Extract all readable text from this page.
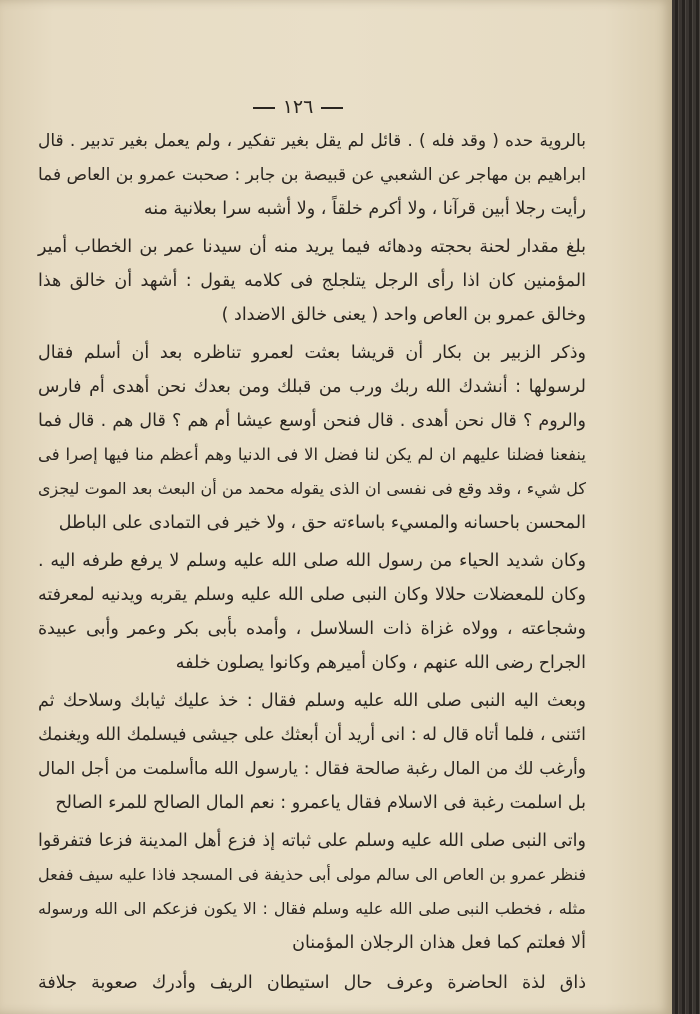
١٢٦
بالروية حده ( وقد فله ) . قائل لم يقل بغير تفكير ، ولم يعمل بغير تدبير . قال
ابراهيم بن مهاجر عن الشعبي عن قبيصة بن جابر : صحبت عمرو بن العاص فما
رأيت رجلا أبين قرآنا ، ولا أكرم خلقاً ، ولا أشبه سرا بعلانية منه
بلغ مقدار لحنة بحجته ودهائه فيما يريد منه أن سيدنا عمر بن الخطاب أمير
المؤمنين كان اذا رأى الرجل يتلجلج فى كلامه يقول : أشهد أن خالق هذا
وخالق عمرو بن العاص واحد ( يعنى خالق الاضداد )
وذكر الزبير بن بكار أن قريشا بعثت لعمرو تناظره بعد أن أسلم فقال
لرسولها : أنشدك الله ربك ورب من قبلك ومن بعدك نحن أهدى أم فارس
والروم ؟ قال نحن أهدى . قال فنحن أوسع عيشا أم هم ؟ قال هم . قال فما
ينفعنا فضلنا عليهم ان لم يكن لنا فضل الا فى الدنيا وهم أعظم منا فيها إصرا فى
كل شيء ، وقد وقع فى نفسى ان الذى يقوله محمد من أن البعث بعد الموت ليجزى
المحسن باحسانه والمسيء باساءته حق ، ولا خير فى التمادى على الباطل
وكان شديد الحياء من رسول الله صلى الله عليه وسلم لا يرفع طرفه اليه .
وكان للمعضلات حلالا وكان النبى صلى الله عليه وسلم يقربه ويدنيه لمعرفته
وشجاعته ، وولاه غزاة ذات السلاسل ، وأمده بأبى بكر وعمر وأبى عبيدة
الجراح رضى الله عنهم ، وكان أميرهم وكانوا يصلون خلفه
وبعث اليه النبى صلى الله عليه وسلم فقال : خذ عليك ثيابك وسلاحك ثم
ائتنى ، فلما أتاه قال له : انى أريد أن أبعثك على جيشى فيسلمك الله ويغنمك
وأرغب لك من المال رغبة صالحة فقال : يارسول الله ماأسلمت من أجل المال
بل اسلمت رغبة فى الاسلام فقال ياعمرو : نعم المال الصالح للمرء الصالح
واتى النبى صلى الله عليه وسلم على ثباته إذ فزع أهل المدينة فزعا فتفرقوا
فنظر عمرو بن العاص الى سالم مولى أبى حذيفة فى المسجد فاذا عليه سيف ففعل
مثله ، فخطب النبى صلى الله عليه وسلم فقال : الا يكون فزعكم الى الله ورسوله
ألا فعلتم كما فعل هذان الرجلان المؤمنان
ذاق لذة الحاضرة وعرف حال استيطان الريف وأدرك صعوبة جلافة
